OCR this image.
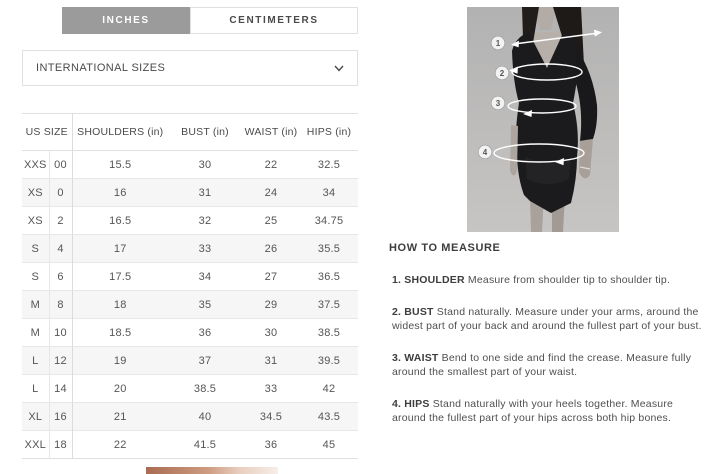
INCHES	CENTIMETERS
INTERNATIONAL SIZES
US SIZE		SHOULDERS (in)	BUST (in)	WAIST (in)	HIPS (in)
XXS	00	15.5	30	22	32.5
XS	0	16	31	24	34
XS	2	16.5	32	25	34.75
S	4	17	33	26	35.5
S	6	17.5	34	27	36.5
M	8	18	35	29	37.5
M	10	18.5	36	30	38.5
L	12	19	37	31	39.5
L	14	20	38.5	33	42
XL	16	21	40	34.5	43.5
XXL	18	22	41.5	36	45
1
2
3
4
HOW TO MEASURE

1. SHOULDER Measure from shoulder tip to shoulder tip.

2. BUST Stand naturally. Measure under your arms, around the widest part of your back and around the fullest part of your bust.

3. WAIST Bend to one side and find the crease. Measure fully around the smallest part of your waist.

4. HIPS Stand naturally with your heels together. Measure around the fullest part of your hips across both hip bones.
